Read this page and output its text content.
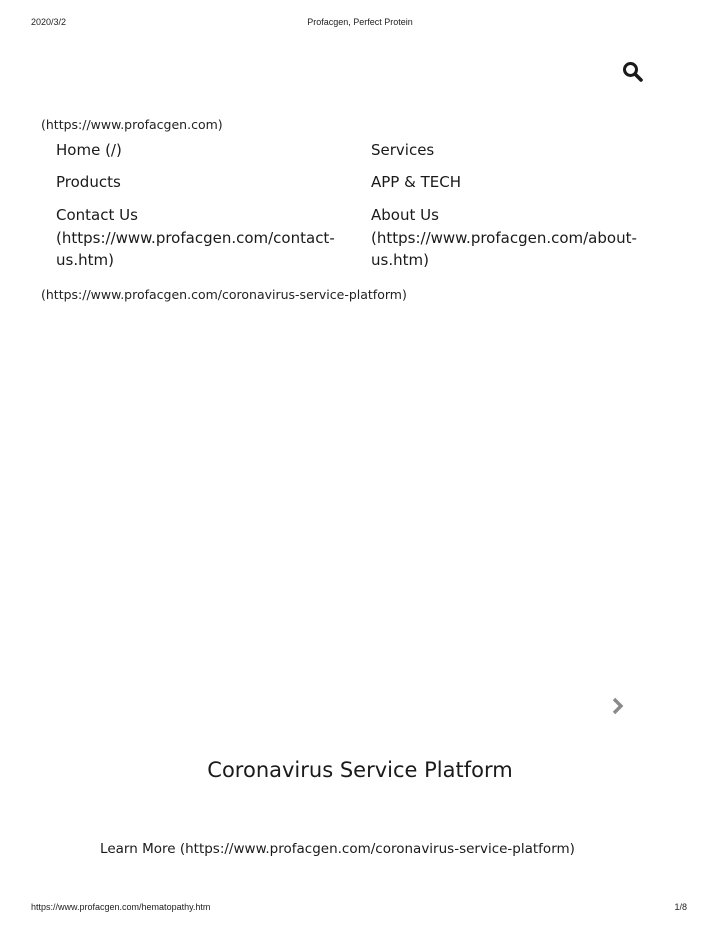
2020/3/2	Profacgen, Perfect Protein
(https://www.profacgen.com)
Home (/)	Services
Products	APP & TECH
Contact Us
(https://www.profacgen.com/contact-
us.htm)
About Us
(https://www.profacgen.com/about-
us.htm)
(https://www.profacgen.com/coronavirus-service-platform)
Coronavirus Service Platform
Learn More (https://www.profacgen.com/coronavirus-service-platform)
https://www.profacgen.com/hematopathy.htm	1/8
